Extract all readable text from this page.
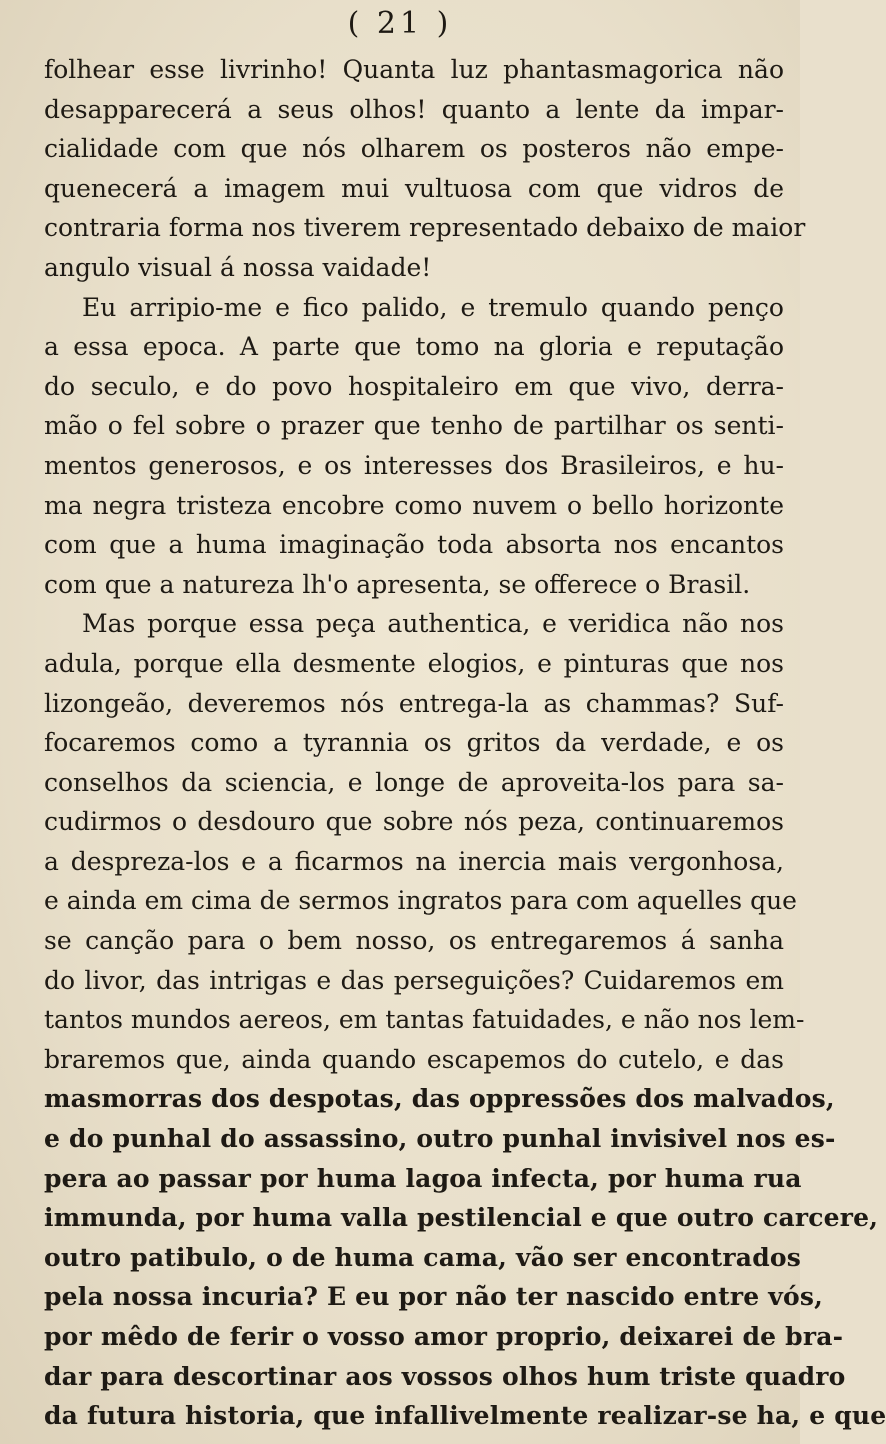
( 21 )
folhear esse livrinho! Quanta luz phantasmagorica não
desapparecerá a seus olhos! quanto a lente da impar-
cialidade com que nós olharem os posteros não empe-
quenecerá a imagem mui vultuosa com que vidros de
contraria forma nos tiverem representado debaixo de maior
angulo visual á nossa vaidade!
Eu arripio-me e fico palido, e tremulo quando penço
a essa epoca. A parte que tomo na gloria e reputação
do seculo, e do povo hospitaleiro em que vivo, derra-
mão o fel sobre o prazer que tenho de partilhar os senti-
mentos generosos, e os interesses dos Brasileiros, e hu-
ma negra tristeza encobre como nuvem o bello horizonte
com que a huma imaginação toda absorta nos encantos
com que a natureza lh'o apresenta, se offerece o Brasil.
Mas porque essa peça authentica, e veridica não nos
adula, porque ella desmente elogios, e pinturas que nos
lizongeão, deveremos nós entrega-la as chammas? Suf-
focaremos como a tyrannia os gritos da verdade, e os
conselhos da sciencia, e longe de aproveita-los para sa-
cudirmos o desdouro que sobre nós peza, continuaremos
a despreza-los e a ficarmos na inercia mais vergonhosa,
e ainda em cima de sermos ingratos para com aquelles que
se canção para o bem nosso, os entregaremos á sanha
do livor, das intrigas e das perseguições? Cuidaremos em
tantos mundos aereos, em tantas fatuidades, e não nos lem-
braremos que, ainda quando escapemos do cutelo, e das
masmorras dos despotas, das oppressões dos malvados,
e do punhal do assassino, outro punhal invisivel nos es-
pera ao passar por huma lagoa infecta, por huma rua
immunda, por huma valla pestilencial e que outro carcere,
outro patibulo, o de huma cama, vão ser encontrados
pela nossa incuria? E eu por não ter nascido entre vós,
por mêdo de ferir o vosso amor proprio, deixarei de bra-
dar para descortinar aos vossos olhos hum triste quadro
da futura historia, que infallivelmente realizar-se ha, e que
